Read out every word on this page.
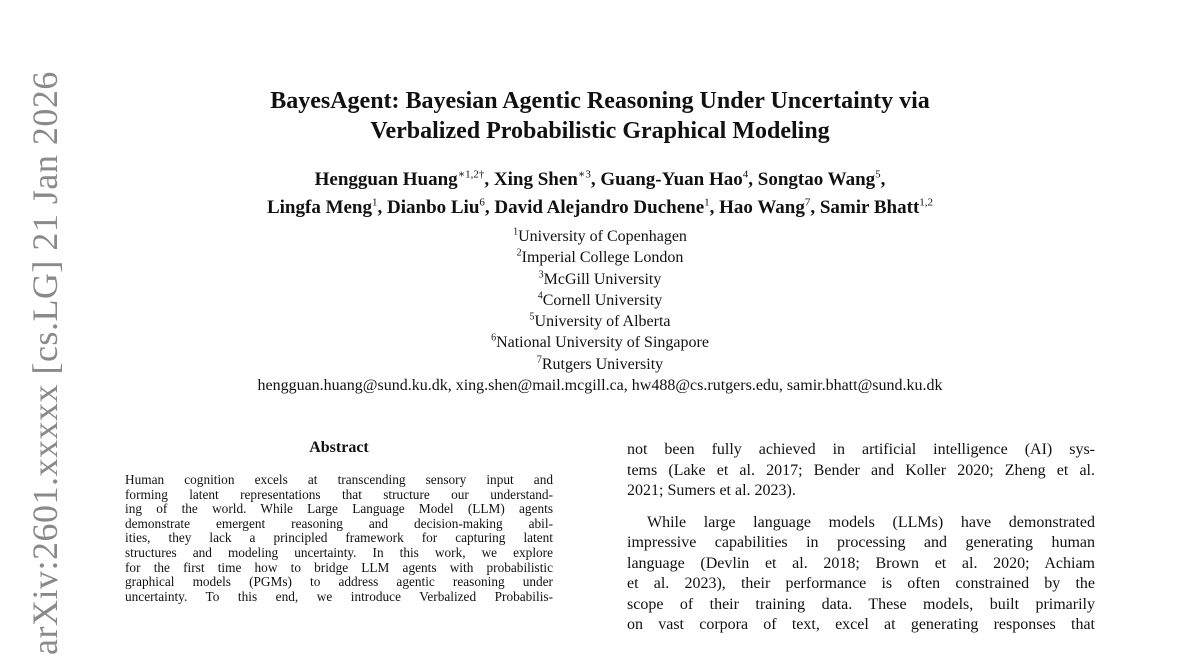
arXiv:2601.xxxxx [cs.LG] 21 Jan 2026	BayesAgent: Bayesian Agentic Reasoning Under Uncertainty via
Verbalized Probabilistic Graphical Modeling
Hengguan Huang$^{∗1,2\dagger}$, Xing Shen$^{∗3}$, Guang-Yuan Hao$^4$, Songtao Wang$^5$,
Lingfa Meng$^1$, Dianbo Liu$^6$, David Alejandro Duchene$^1$, Hao Wang$^7$, Samir Bhatt$^{1,2}$
$^1$University of Copenhagen
$^2$Imperial College London
$^3$McGill University
$^4$Cornell University
$^5$University of Alberta
$^6$National University of Singapore
$^7$Rutgers University
hengguan.huang@sund.ku.dk, xing.shen@mail.mcgill.ca, hw488@cs.rutgers.edu, samir.bhatt@sund.ku.dk
Abstract
Human cognition excels at transcending sensory input and
forming latent representations that structure our understand-
ing of the world. While Large Language Model (LLM) agents
demonstrate emergent reasoning and decision-making abil-
ities, they lack a principled framework for capturing latent
structures and modeling uncertainty. In this work, we explore
for the first time how to bridge LLM agents with probabilistic
graphical models (PGMs) to address agentic reasoning under
uncertainty. To this end, we introduce Verbalized Probabilis-
not been fully achieved in artificial intelligence (AI) sys-
tems (Lake et al. 2017; Bender and Koller 2020; Zheng et al.
2021; Sumers et al. 2023).
While large language models (LLMs) have demonstrated
impressive capabilities in processing and generating human
language (Devlin et al. 2018; Brown et al. 2020; Achiam
et al. 2023), their performance is often constrained by the
scope of their training data. These models, built primarily
on vast corpora of text, excel at generating responses that
